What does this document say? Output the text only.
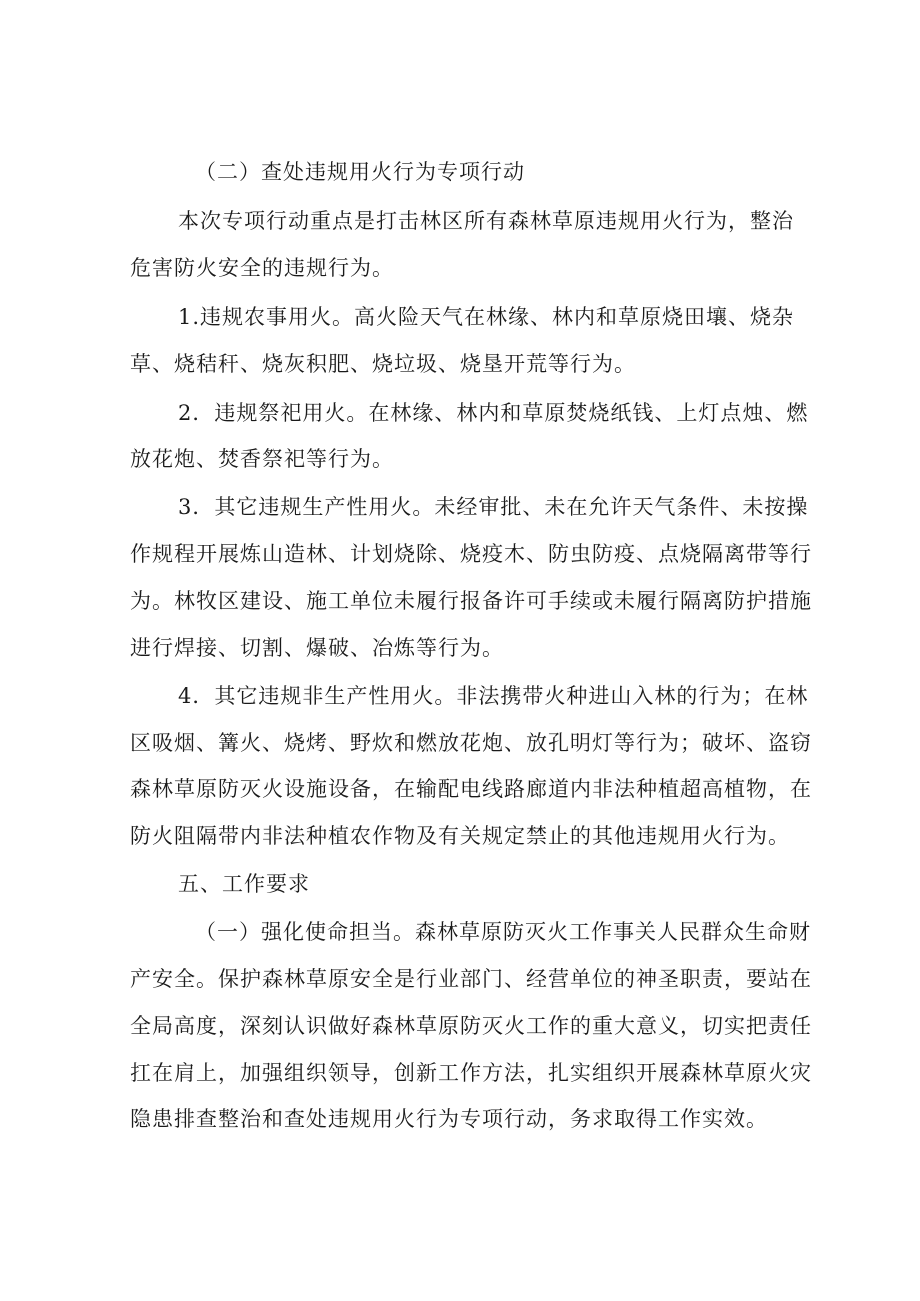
（二）查处违规用火行为专项行动
本次专项行动重点是打击林区所有森林草原违规用火行为，整治
危害防火安全的违规行为。
1.违规农事用火。高火险天气在林缘、林内和草原烧田壤、烧杂
草、烧秸秆、烧灰积肥、烧垃圾、烧垦开荒等行为。
2．违规祭祀用火。在林缘、林内和草原焚烧纸钱、上灯点烛、燃
放花炮、焚香祭祀等行为。
3．其它违规生产性用火。未经审批、未在允许天气条件、未按操
作规程开展炼山造林、计划烧除、烧疫木、防虫防疫、点烧隔离带等行
为。林牧区建设、施工单位未履行报备许可手续或未履行隔离防护措施
进行焊接、切割、爆破、冶炼等行为。
4．其它违规非生产性用火。非法携带火种进山入林的行为；在林
区吸烟、篝火、烧烤、野炊和燃放花炮、放孔明灯等行为；破坏、盗窃
森林草原防灭火设施设备，在输配电线路廊道内非法种植超高植物，在
防火阻隔带内非法种植农作物及有关规定禁止的其他违规用火行为。
五、工作要求
（一）强化使命担当。森林草原防灭火工作事关人民群众生命财
产安全。保护森林草原安全是行业部门、经营单位的神圣职责，要站在
全局高度，深刻认识做好森林草原防灭火工作的重大意义，切实把责任
扛在肩上，加强组织领导，创新工作方法，扎实组织开展森林草原火灾
隐患排查整治和查处违规用火行为专项行动，务求取得工作实效。
